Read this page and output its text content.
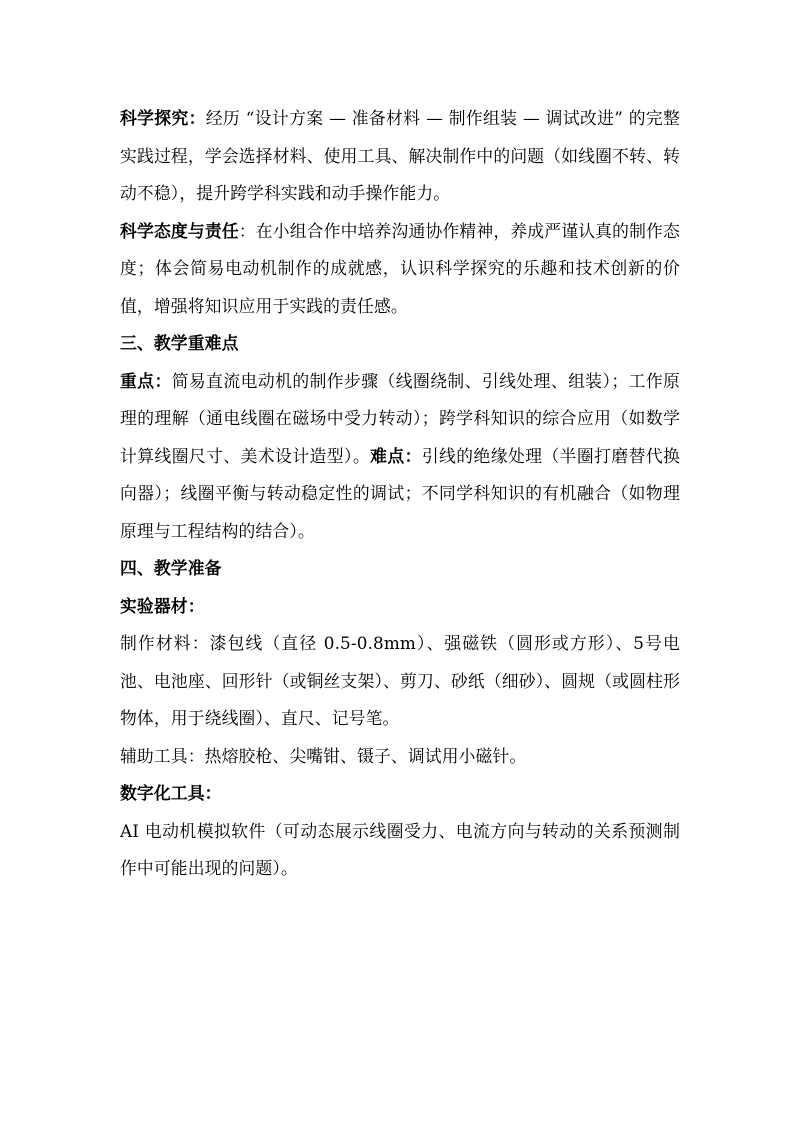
科学探究：经历 “设计方案 — 准备材料 — 制作组装 — 调试改进” 的完整实践过程，学会选择材料、使用工具、解决制作中的问题（如线圈不转、转动不稳），提升跨学科实践和动手操作能力。

科学态度与责任：在小组合作中培养沟通协作精神，养成严谨认真的制作态度；体会简易电动机制作的成就感，认识科学探究的乐趣和技术创新的价值，增强将知识应用于实践的责任感。

三、教学重难点

重点：简易直流电动机的制作步骤（线圈绕制、引线处理、组装）；工作原理的理解（通电线圈在磁场中受力转动）；跨学科知识的综合应用（如数学计算线圈尺寸、美术设计造型）。难点：引线的绝缘处理（半圈打磨替代换向器）；线圈平衡与转动稳定性的调试；不同学科知识的有机融合（如物理原理与工程结构的结合）。

四、教学准备

实验器材：

制作材料：漆包线（直径 0.5-0.8mm）、强磁铁（圆形或方形）、5号电池、电池座、回形针（或铜丝支架）、剪刀、砂纸（细砂）、圆规（或圆柱形物体，用于绕线圈）、直尺、记号笔。

辅助工具：热熔胶枪、尖嘴钳、镊子、调试用小磁针。

数字化工具：

AI 电动机模拟软件（可动态展示线圈受力、电流方向与转动的关系预测制作中可能出现的问题）。
